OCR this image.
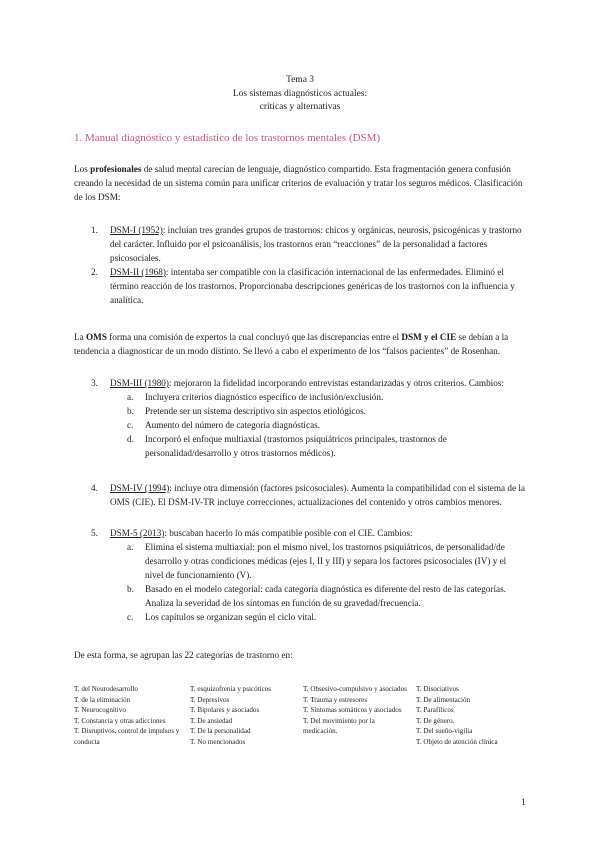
Tema 3
Los sistemas diagnósticos actuales:
críticas y alternativas
1. Manual diagnóstico y estadístico de los trastornos mentales (DSM)
Los profesionales de salud mental carecían de lenguaje, diagnóstico compartido. Esta fragmentación genera confusión creando la necesidad de un sistema común para unificar criterios de evaluación y tratar los seguros médicos. Clasificación de los DSM:
1. DSM-I (1952): incluían tres grandes grupos de trastornos: chicos y orgánicas, neurosis, psicogénicas y trastorno del carácter. Influido por el psicoanálisis, los trastornos eran “reacciones” de la personalidad a factores psicosociales.
2. DSM-II (1968): intentaba ser compatible con la clasificación internacional de las enfermedades. Eliminó el término reacción de los trastornos. Proporcionaba descripciones genéricas de los trastornos con la influencia y analítica.
La OMS forma una comisión de expertos la cual concluyó que las discrepancias entre el DSM y el CIE se debían a la tendencia a diagnosticar de un modo distinto. Se llevó a cabo el experimento de los “falsos pacientes” de Rosenhan.
3. DSM-III (1980): mejoraron la fidelidad incorporando entrevistas estandarizadas y otros criterios. Cambios:
a. Incluyera criterios diagnóstico específico de inclusión/exclusión.
b. Pretende ser un sistema descriptivo sin aspectos etiológicos.
c. Aumento del número de categoría diagnósticas.
d. Incorporó el enfoque multiaxial (trastornos psiquiátricos principales, trastornos de personalidad/desarrollo y otros trastornos médicos).
4. DSM-IV (1994): incluye otra dimensión (factores psicosociales). Aumenta la compatibilidad con el sistema de la OMS (CIE). El DSM-IV-TR incluye correcciones, actualizaciones del contenido y otros cambios menores.
5. DSM-5 (2013): buscaban hacerlo lo más compatible posible con el CIE. Cambios:
a. Elimina el sistema multiaxial: pon el mismo nivel, los trastornos psiquiátricos, de personalidad/de desarrollo y otras condiciones médicas (ejes I, II y III) y separa los factores psicosociales (IV) y el nivel de funcionamiento (V).
b. Basado en el modelo categorial: cada categoría diagnóstica es diferente del resto de las categorías. Analiza la severidad de los síntomas en función de su gravedad/frecuencia.
c. Los capítulos se organizan según el ciclo vital.
De esta forma, se agrupan las 22 categorías de trastorno en:
T. del Neurodesarrollo
T. de la eliminación
T. Neurocognitivo
T. Constancia y otras adicciones
T. Disruptivos, control de impulsos y conducta
T. esquizofrenia y psicóticos
T. Depresivos
T. Bipolares y asociados
T. De ansiedad
T. De la personalidad
T. No mencionados
T. Obsesivo-compulsivo y asociados
T. Trauma y estresores
T. Síntomas somáticos y asociados
T. Del movimiento por la medicación.
T. Disociativos
T. De alimentación
T. Parafílicos
T. De género.
T. Del sueño-vigilia
T. Objeto de atención clínica
1
